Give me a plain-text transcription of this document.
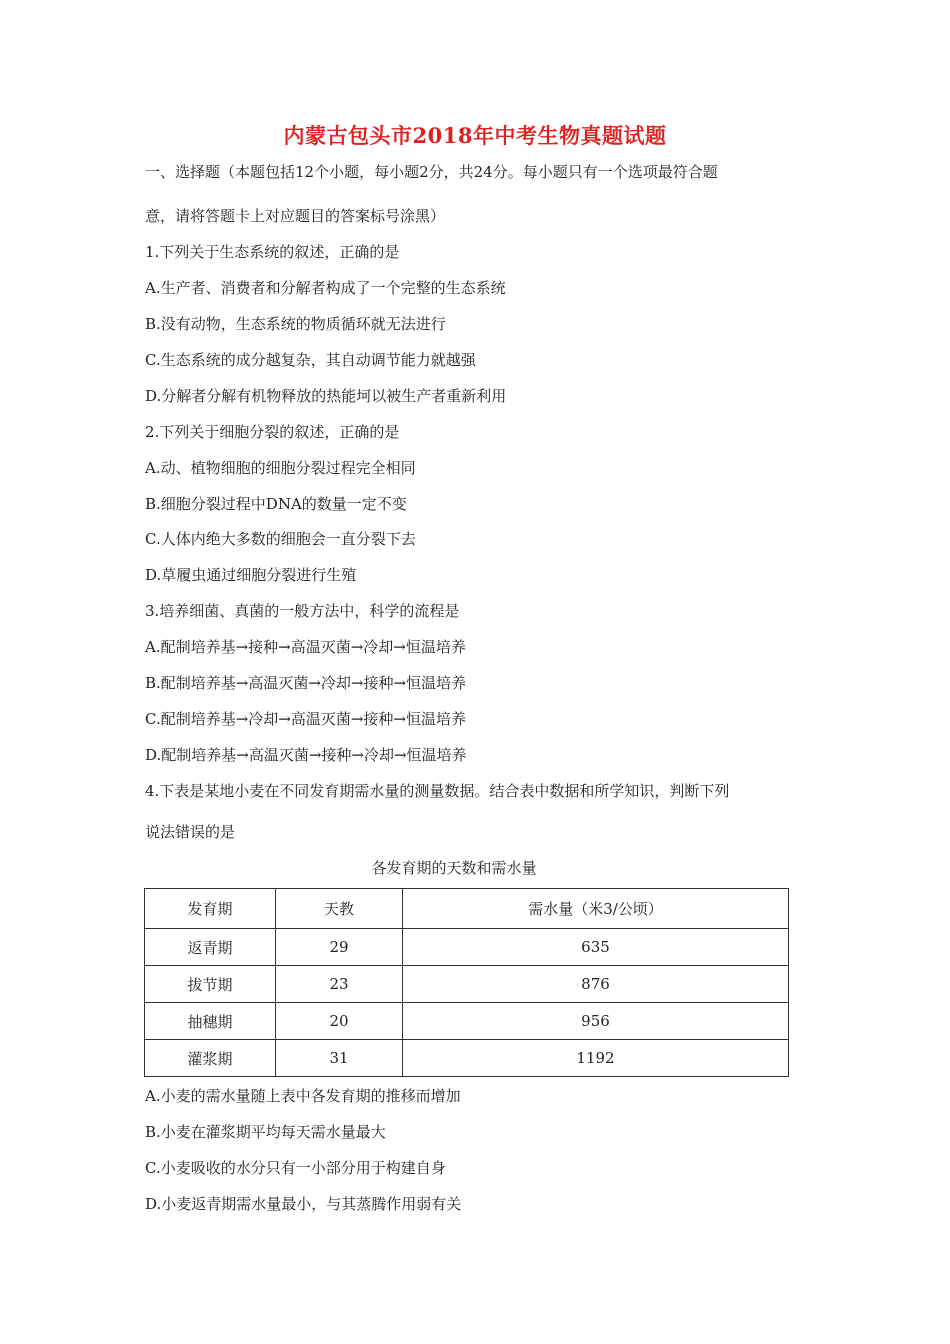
内蒙古包头市2018年中考生物真题试题
一、选择题（本题包括12个小题，每小题2分，共24分。每小题只有一个选项最符合题
意，请将答题卡上对应题目的答案标号涂黑）
1.下列关于生态系统的叙述，正确的是
A.生产者、消费者和分解者构成了一个完整的生态系统
B.没有动物，生态系统的物质循环就无法进行
C.生态系统的成分越复杂，其自动调节能力就越强
D.分解者分解有机物释放的热能坷以被生产者重新利用
2.下列关于细胞分裂的叙述，正确的是
A.动、植物细胞的细胞分裂过程完全相同
B.细胞分裂过程中DNA的数量一定不变
C.人体内绝大多数的细胞会一直分裂下去
D.草履虫通过细胞分裂进行生殖
3.培养细菌、真菌的一般方法中，科学的流程是
A.配制培养基→接种→高温灭菌→冷却→恒温培养
B.配制培养基→高温灭菌→冷却→接种→恒温培养
C.配制培养基→冷却→高温灭菌→接种→恒温培养
D.配制培养基→高温灭菌→接种→冷却→恒温培养
4.下表是某地小麦在不同发育期需水量的测量数据。结合表中数据和所学知识，判断下列
说法错误的是
各发育期的天数和需水量
发育期	天教	需水量（米3/公顷）
返青期	29	635
拔节期	23	876
抽穗期	20	956
灌浆期	31	1192
A.小麦的需水量随上表中各发育期的推移而增加
B.小麦在灌浆期平均每天需水量最大
C.小麦吸收的水分只有一小部分用于构建自身
D.小麦返青期需水量最小，与其蒸腾作用弱有关
